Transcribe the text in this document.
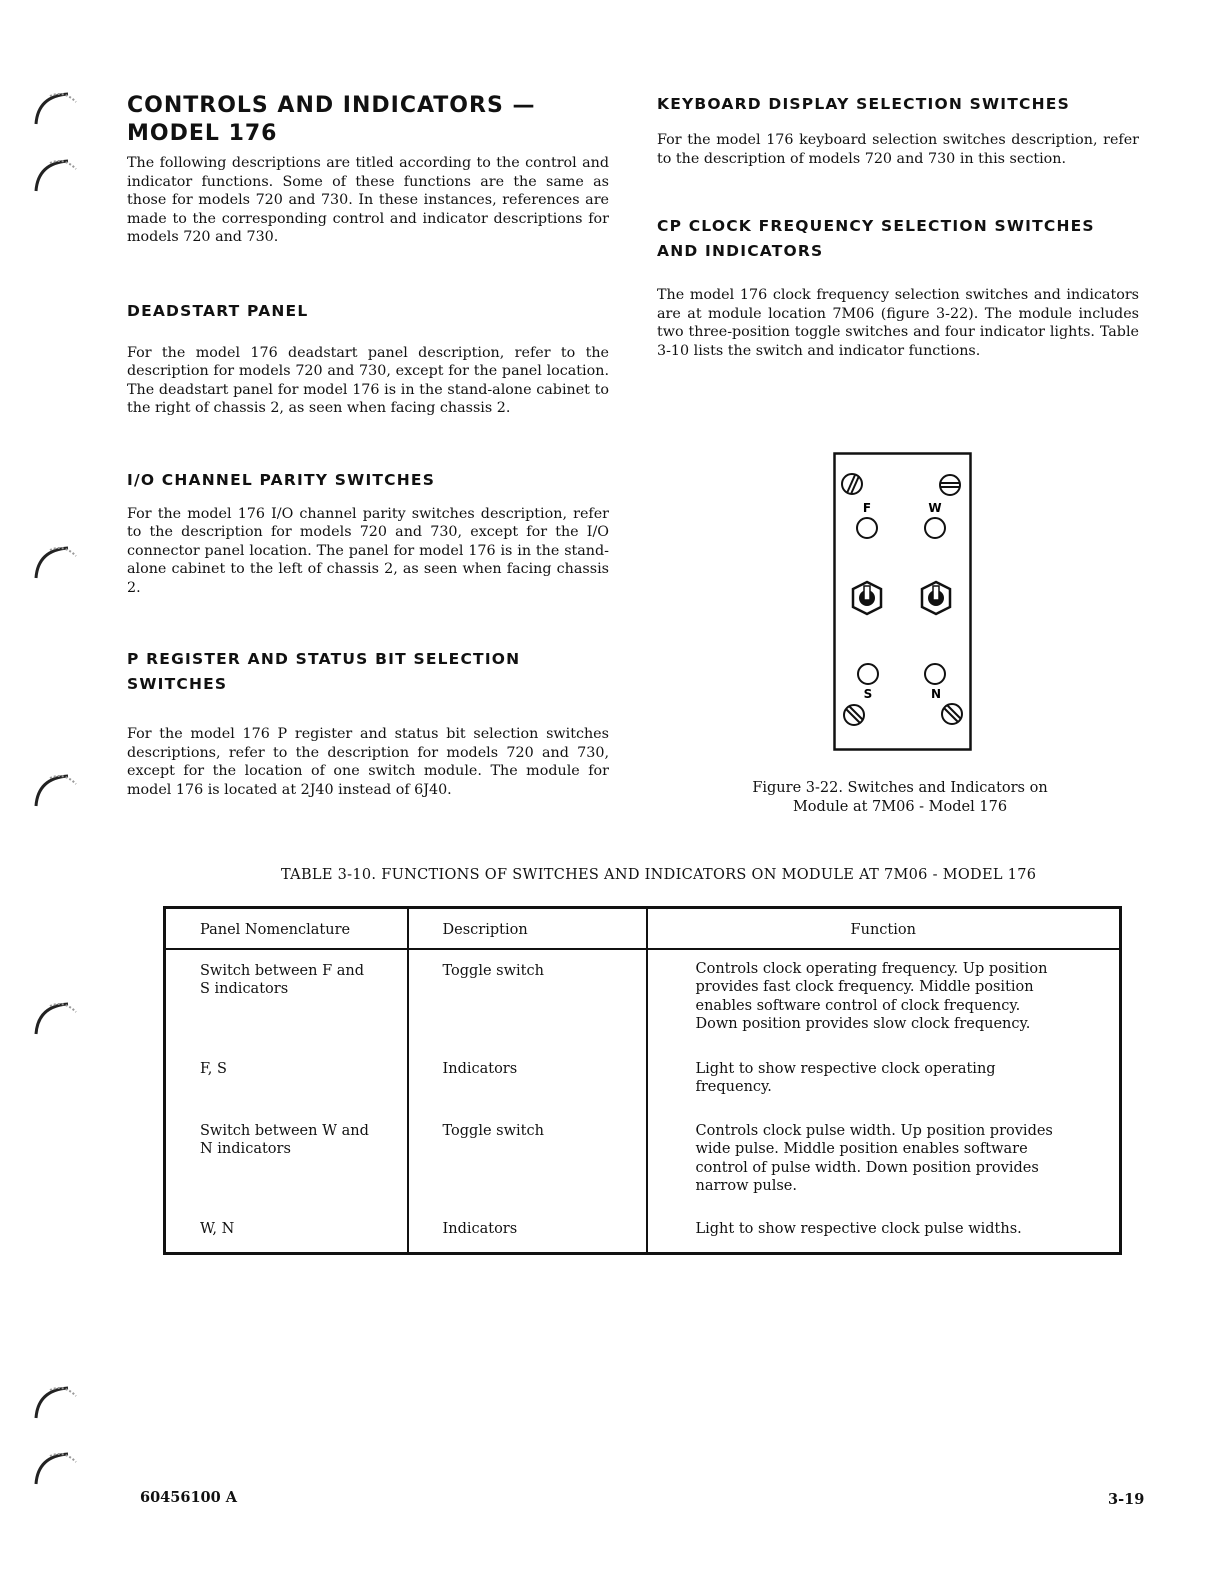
CONTROLS AND INDICATORS —
MODEL 176

The following descriptions are titled according to the control and indicator functions. Some of these functions are the same as those for models 720 and 730. In these instances, references are made to the corresponding control and indicator descriptions for models 720 and 730.

DEADSTART PANEL

For the model 176 deadstart panel description, refer to the description for models 720 and 730, except for the panel location. The deadstart panel for model 176 is in the stand-alone cabinet to the right of chassis 2, as seen when facing chassis 2.

I/O CHANNEL PARITY SWITCHES

For the model 176 I/O channel parity switches description, refer to the description for models 720 and 730, except for the I/O connector panel location. The panel for model 176 is in the stand-alone cabinet to the left of chassis 2, as seen when facing chassis 2.

P REGISTER AND STATUS BIT SELECTION SWITCHES

For the model 176 P register and status bit selection switches descriptions, refer to the description for models 720 and 730, except for the location of one switch module. The module for model 176 is located at 2J40 instead of 6J40.

KEYBOARD DISPLAY SELECTION SWITCHES

For the model 176 keyboard selection switches description, refer to the description of models 720 and 730 in this section.

CP CLOCK FREQUENCY SELECTION SWITCHES
AND INDICATORS

The model 176 clock frequency selection switches and indicators are at module location 7M06 (figure 3-22). The module includes two three-position toggle switches and four indicator lights. Table 3-10 lists the switch and indicator functions.

F	W
S	N

Figure 3-22. Switches and Indicators on

Module at 7M06 - Model 176

TABLE 3-10. FUNCTIONS OF SWITCHES AND INDICATORS ON MODULE AT 7M06 - MODEL 176

Panel Nomenclature	Description	Function
Switch between F and
S indicators	Toggle switch	Controls clock operating frequency. Up position
provides fast clock frequency. Middle position
enables software control of clock frequency.
Down position provides slow clock frequency.
F, S	Indicators	Light to show respective clock operating
frequency.
Switch between W and
N indicators	Toggle switch	Controls clock pulse width. Up position provides
wide pulse. Middle position enables software
control of pulse width. Down position provides
narrow pulse.
W, N	Indicators	Light to show respective clock pulse widths.
60456100 A	3-19
